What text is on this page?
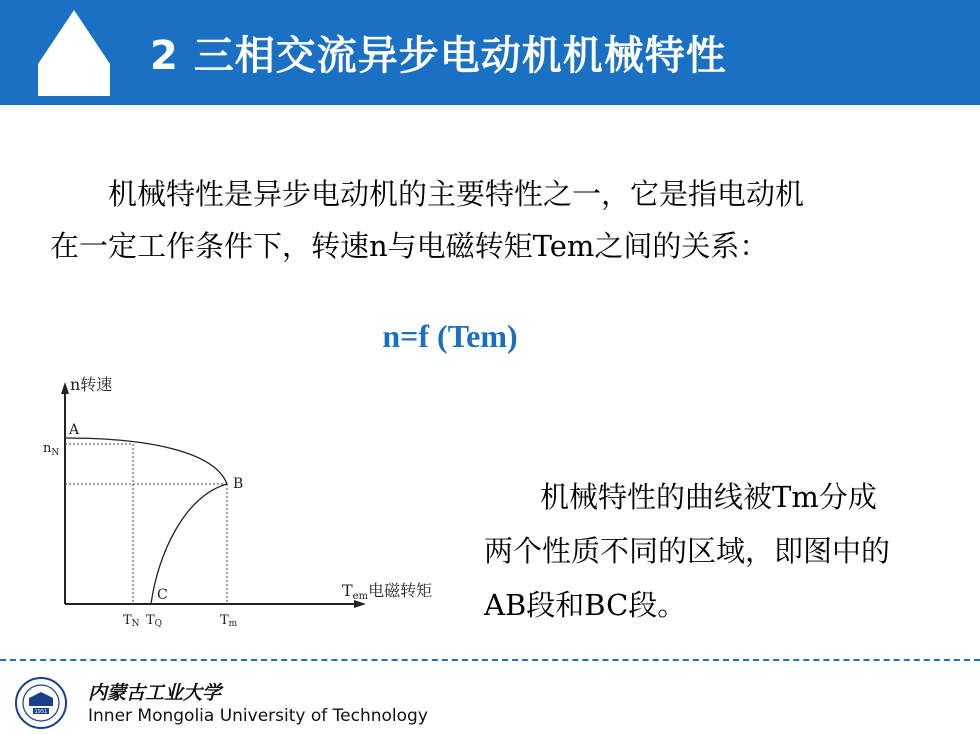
2 三相交流异步电动机机械特性
机械特性是异步电动机的主要特性之一，它是指电动机
在一定工作条件下，转速n与电磁转矩Tem之间的关系：
n=f (Tem)
n转速
$n_N$
A
B
C
TN TQ	Tm
Tem电磁转矩
机械特性的曲线被Tm分成
两个性质不同的区域，即图中的
AB段和BC段。
1951
内蒙古工业大学
Inner Mongolia University of Technology
